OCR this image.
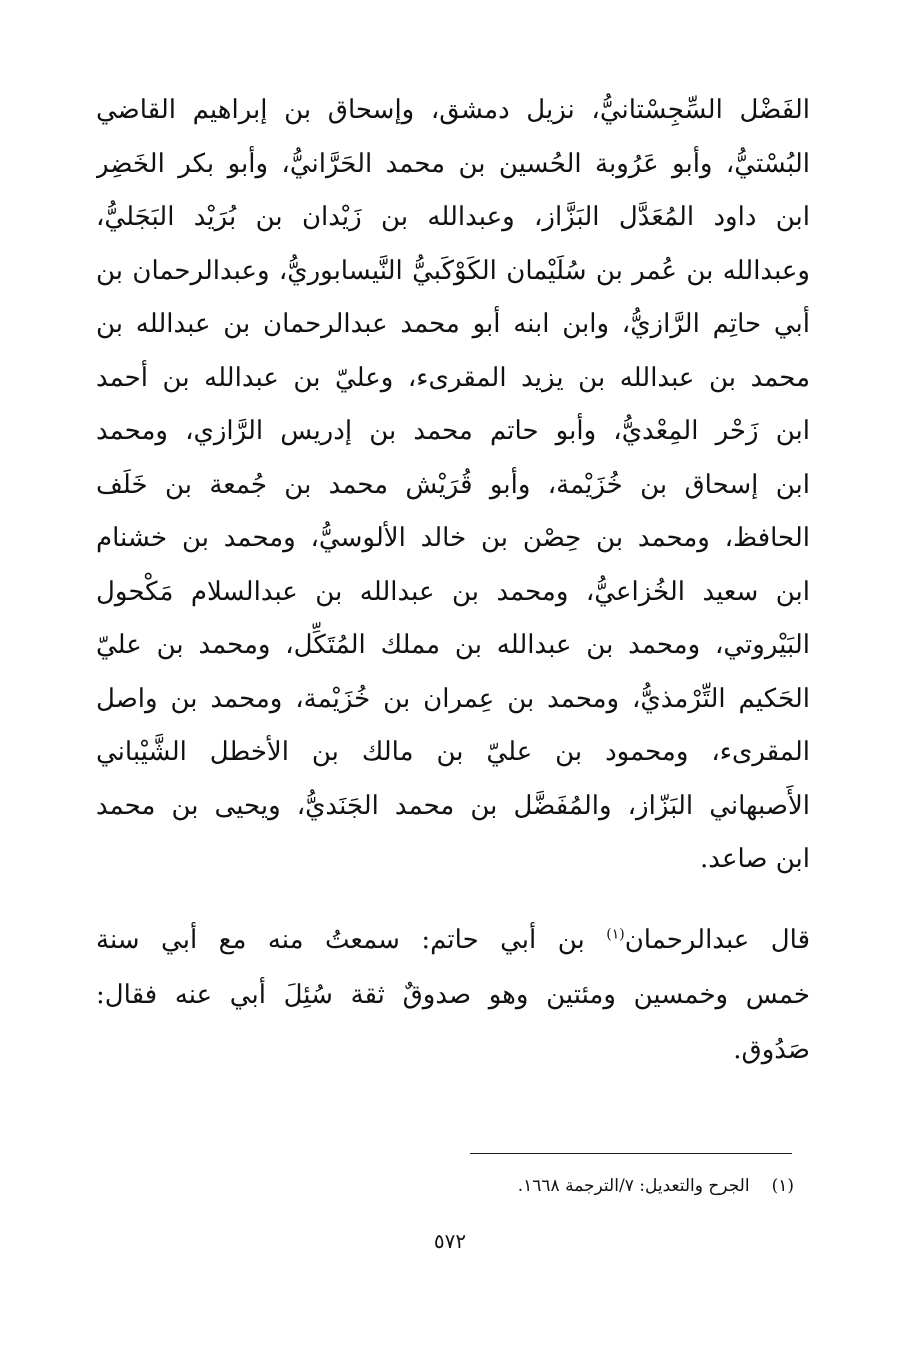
الفَضْل السِّجِسْتانيُّ، نزيل دمشق، وإسحاق بن إبراهيم القاضي
البُسْتيُّ، وأبو عَرُوبة الحُسين بن محمد الحَرَّانيُّ، وأبو بكر الخَضِر
ابن داود المُعَدَّل البَزَّاز، وعبدالله بن زَيْدان بن بُرَيْد البَجَليُّ،
وعبدالله بن عُمر بن سُلَيْمان الكَوْكَبيُّ النَّيسابوريُّ، وعبدالرحمان بن
أبي حاتِم الرَّازيُّ، وابن ابنه أبو محمد عبدالرحمان بن عبدالله بن
محمد بن عبدالله بن يزيد المقرىء، وعليّ بن عبدالله بن أحمد
ابن زَحْر المِعْديُّ، وأبو حاتم محمد بن إدريس الرَّازي، ومحمد
ابن إسحاق بن خُزَيْمة، وأبو قُرَيْش محمد بن جُمعة بن خَلَف
الحافظ، ومحمد بن حِصْن بن خالد الألوسيُّ، ومحمد بن خشنام
ابن سعيد الخُزاعيُّ، ومحمد بن عبدالله بن عبدالسلام مَكْحول
البَيْروتي، ومحمد بن عبدالله بن مملك المُتَكِّل، ومحمد بن عليّ
الحَكيم التِّرْمذيُّ، ومحمد بن عِمران بن خُزَيْمة، ومحمد بن واصل
المقرىء، ومحمود بن عليّ بن مالك بن الأخطل الشَّيْباني
الأَصبهاني البَزّاز، والمُفَضَّل بن محمد الجَنَديُّ، ويحيى بن محمد
ابن صاعد.
قال عبدالرحمان$^{(١)}$ بن أبي حاتم: سمعتُ منه مع أبي سنة
خمس وخمسين ومئتين وهو صدوقٌ ثقة سُئِلَ أبي عنه فقال:
صَدُوق.
(١)الجرح والتعديل: ٧/الترجمة ١٦٦٨.
٥٧٢
